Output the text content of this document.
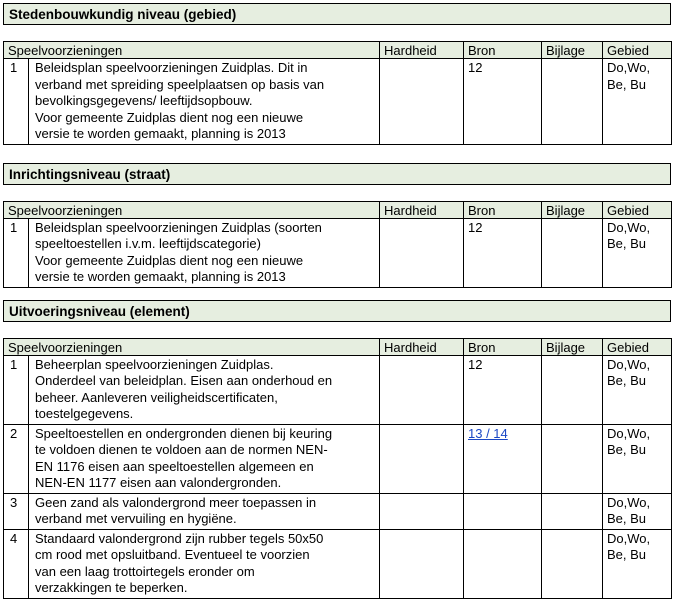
Stedenbouwkundig niveau (gebied)
Speelvoorzieningen		Hardheid	Bron	Bijlage	Gebied
1	Beleidsplan speelvoorzieningen Zuidplas. Dit in
verband met spreiding speelplaatsen op basis van
bevolkingsgegevens/ leeftijdsopbouw.
Voor gemeente Zuidplas dient nog een nieuwe
versie te worden gemaakt, planning is 2013		12		Do,Wo,
Be, Bu
Inrichtingsniveau (straat)
Speelvoorzieningen		Hardheid	Bron	Bijlage	Gebied
1	Beleidsplan speelvoorzieningen Zuidplas (soorten
speeltoestellen i.v.m. leeftijdscategorie)
Voor gemeente Zuidplas dient nog een nieuwe
versie te worden gemaakt, planning is 2013		12		Do,Wo,
Be, Bu
Uitvoeringsniveau (element)
Speelvoorzieningen		Hardheid	Bron	Bijlage	Gebied
1	Beheerplan speelvoorzieningen Zuidplas.
Onderdeel van beleidplan. Eisen aan onderhoud en
beheer. Aanleveren veiligheidscertificaten,
toestelgegevens.		12		Do,Wo,
Be, Bu

2	Speeltoestellen en ondergronden dienen bij keuring
te voldoen dienen te voldoen aan de normen NEN-
EN 1176 eisen aan speeltoestellen algemeen en
NEN-EN 1177 eisen aan valondergronden.		13 / 14		Do,Wo,
Be, Bu

3	Geen zand als valondergrond meer toepassen in
verband met vervuiling en hygiëne.				Do,Wo,
Be, Bu

4	Standaard valondergrond zijn rubber tegels 50x50
cm rood met opsluitband. Eventueel te voorzien
van een laag trottoirtegels eronder om
verzakkingen te beperken.				Do,Wo,
Be, Bu
